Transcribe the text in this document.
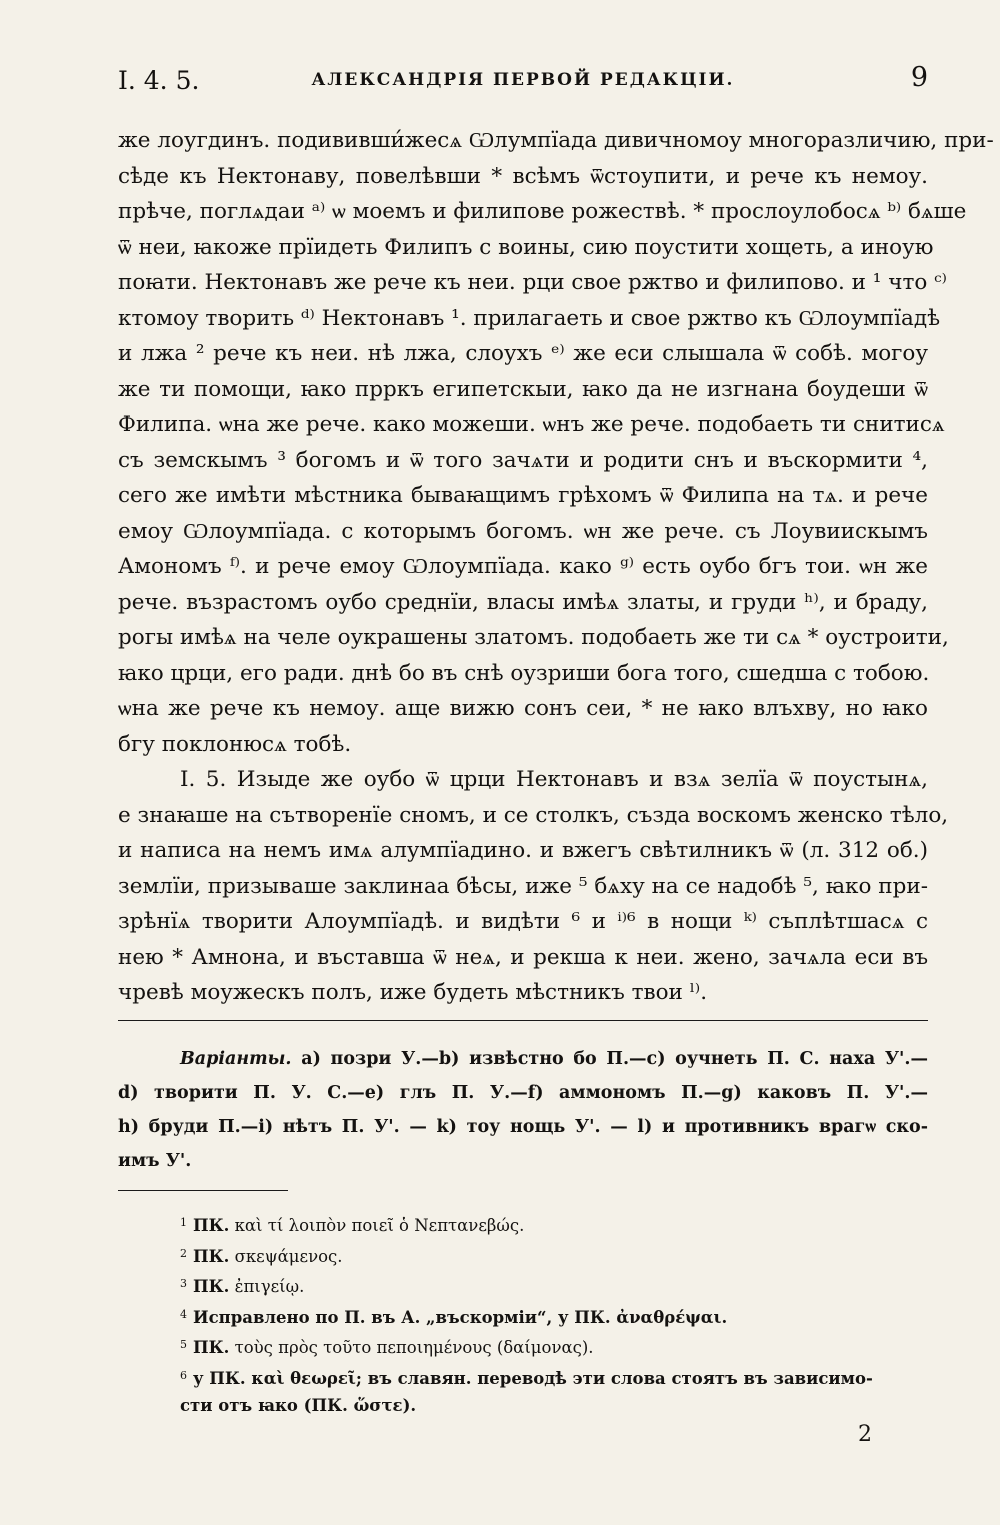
I. 4. 5.	АЛЕКСАНДРІЯ ПЕРВОЙ РЕДАКЦІИ.	9
же лоугдинъ. подививши́жесѧ Ѡлумпїада дивичномоу многоразличию, при-
сѣде къ Нектонаву, повелѣвши * всѣмъ ѿстоупити, и рече къ немоу.
прѣче, поглѧдаи ᵃ⁾ ѡ моемъ и филипове рожествѣ. * прослоулобосѧ ᵇ⁾ бѧше
ѿ неи, ꙗкоже прїидеть Филипъ с воины, сию поустити хощеть, а иноую
поꙗти. Нектонавъ же рече къ неи. рци свое ржтво и филипово. и ¹ что ᶜ⁾
ктомоу творить ᵈ⁾ Нектонавъ ¹. прилагаеть и свое ржтво къ Ѡлоумпїадѣ
и лжа ² рече къ неи. нѣ лжа, слоухъ ᵉ⁾ же еси слышала ѿ собѣ. могоу
же ти помощи, ꙗко прркъ египетскыи, ꙗко да не изгнана боудеши ѿ
Филипа. ѡна же рече. како можеши. ѡнъ же рече. подобаеть ти снитисѧ
съ земскымъ ³ богомъ и ѿ того зачѧти и родити снъ и въскормити ⁴,
сего же имѣти мѣстника бываꙗщимъ грѣхомъ ѿ Филипа на тѧ. и рече
емоу Ѡлоумпїада. с которымъ богомъ. ѡн же рече. съ Лоувиискымъ
Амономъ ᶠ⁾. и рече емоу Ѡлоумпїада. како ᵍ⁾ есть оубо бгъ тои. ѡн же
рече. възрастомъ оубо среднїи, власы имѣѧ златы, и груди ʰ⁾, и браду,
рогы имѣѧ на челе оукрашены златомъ. подобаеть же ти сѧ * оустроити,
ꙗко црци, его ради. днѣ бо въ снѣ оузриши бога того, сшедша с тобою.
ѡна же рече къ немоу. аще вижю сонъ сеи, * не ꙗко влъхву, но ꙗко
бгу поклонюсѧ тобѣ.
I. 5. Изыде же оубо ѿ црци Нектонавъ и взѧ зелїа ѿ поустынѧ,
е знаꙗше на сътворенїе сномъ, и се столкъ, създа воскомъ женско тѣло,
и написа на немъ имѧ алумпїадино. и вжегъ свѣтилникъ ѿ (л. 312 об.)
землїи, призываше заклинаа бѣсы, иже ⁵ бѧху на се надобѣ ⁵, ꙗко при-
зрѣнїѧ творити Алоумпїадѣ. и видѣти ⁶ и ⁱ⁾⁶ в нощи ᵏ⁾ съплѣтшасѧ с
нею * Амнона, и въставша ѿ неѧ, и рекша к неи. жено, зачѧла еси въ
чревѣ моужескъ полъ, иже будеть мѣстникъ твои ˡ⁾.
Варіанты. a) позри У.—b) извѣстно бо П.—c) оучнеть П. С. наха У'.—
d) творити П. У. С.—e) глъ П. У.—f) аммономъ П.—g) каковъ П. У'.—
h) бруди П.—i) нѣтъ П. У'. — k) тоу нощь У'. — l) и противникъ врагѡ ско-
имъ У'.
$^1$ ПК. καὶ τί λοιπὸν ποιεῖ ὁ Νεπτανεβώς.
$^2$ ПК. σκεψάμενος.
$^3$ ПК. ἐπιγείῳ.
$^4$ Исправлено по П. въ А. „въскормiи“, у ПК. ἀναθρέψαι.
$^5$ ПК. τοὺς πρὸς τοῦτο πεποιημένους (δαίμονας).
$^6$ у ПК. καὶ θεωρεῖ; въ славян. переводѣ эти слова стоятъ въ зависимо-
сти отъ ꙗко (ПК. ὥστε).
2
